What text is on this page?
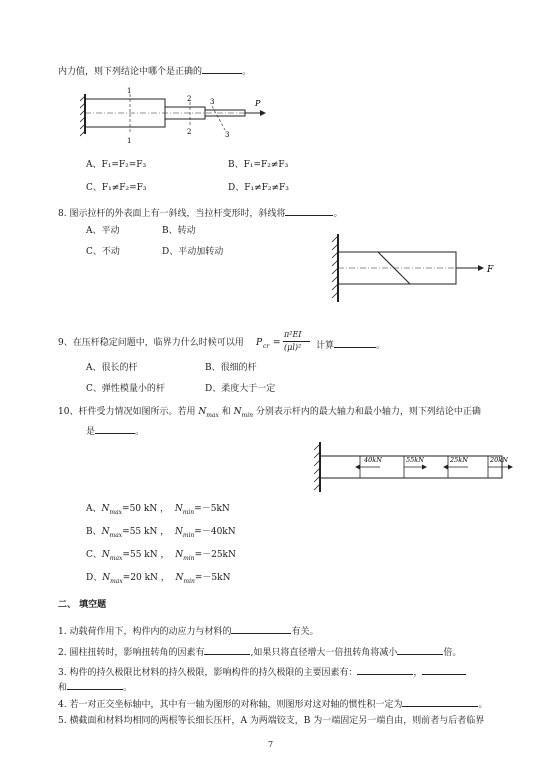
内力值，则下列结论中哪个是正确的	。
P
1
1
2
2
3
3
A、F₁=F₂=F₃	B、F₁=F₂≠F₃
C、F₁≠F₂=F₃	D、F₁≠F₂≠F₃
8. 图示拉杆的外表面上有一斜线，当拉杆变形时，斜线将	。
A、平动	B、转动
C、不动	D、平动加转动
F
9、在压杆稳定问题中，临界力什么时候可以用 P cr =
π²EI
(μl)² 计算	。
A、很长的杆	B、很细的杆
C、弹性模量小的杆	D、柔度大于一定
10、杆件受力情况如图所示。若用 $N_{max}$ 和 $N_{min}$ 分别表示杆内的最大轴力和最小轴力，则下列结论中正确
是	。
40kN	55kN	25kN	20kN
A、$N_{max}=50$ kN ， $N_{min}=-5kN$
B、$N_{max}=55$ kN ， $N_{min}=-40kN$
C、$N_{max}=55$ kN ， $N_{min}=-25kN$
D、$N_{max}=20$ kN ， $N_{min}=-5kN$
二、 填空题
1. 动载荷作用下，构件内的动应力与材料的	有关。
2. 圆柱扭转时，影响扭转角的因素有	,如果只将直径增大一倍扭转角将减小	倍。
3. 构件的持久极限比材料的持久极限，影响构件的持久极限的主要因素有：	，
和	。
4. 若一对正交坐标轴中，其中有一轴为图形的对称轴，则图形对这对轴的惯性积一定为	。
5. 横截面和材料均相同的两根等长细长压杆，A 为两端铰支，B 为一端固定另一端自由，则前者与后者临界
7
